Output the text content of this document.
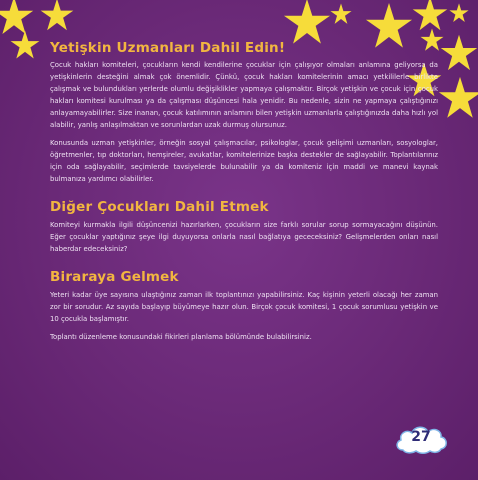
Yetişkin Uzmanları Dahil Edin!

Çocuk hakları komiteleri, çocukların kendi kendilerine çocuklar için çalışıyor olmaları anlamına geliyorsa da yetişkinlerin desteğini almak çok önemlidir. Çünkü, çocuk hakları komitelerinin amacı yetkililerle birlikte çalışmak ve bulundukları yerlerde olumlu değişiklikler yapmaya çalışmaktır. Birçok yetişkin ve çocuk için çocuk hakları komitesi kurulması ya da çalışması düşüncesi hala yenidir. Bu nedenle, sizin ne yapmaya çalıştığınızı anlayamayabilirler. Size inanan, çocuk katılımının anlamını bilen yetişkin uzmanlarla çalıştığınızda daha hızlı yol alabilir, yanlış anlaşılmaktan ve sorunlardan uzak durmuş olursunuz.

Konusunda uzman yetişkinler, örneğin sosyal çalışmacılar, psikologlar, çocuk gelişimi uzmanları, sosyologlar, öğretmenler, tıp doktorları, hemşireler, avukatlar, komitelerinize başka destekler de sağlayabilir. Toplantılarınız için oda sağlayabilir, seçimlerde tavsiyelerde bulunabilir ya da komiteniz için maddi ve manevi kaynak bulmanıza yardımcı olabilirler.

Diğer Çocukları Dahil Etmek

Komiteyi kurmakla ilgili düşüncenizi hazırlarken, çocukların size farklı sorular sorup sormayacağını düşünün. Eğer çocuklar yaptığınız şeye ilgi duyuyorsa onlarla nasıl bağlatıya gececeksiniz? Gelişmelerden onları nasıl haberdar edeceksiniz?

Biraraya Gelmek

Yeteri kadar üye sayısına ulaştığınız zaman ilk toplantınızı yapabilirsiniz. Kaç kişinin yeterli olacağı her zaman zor bir sorudur. Az sayıda başlayıp büyümeye hazır olun. Birçok çocuk komitesi, 1 çocuk sorumlusu yetişkin ve 10 çocukla başlamıştır.

Toplantı düzenleme konusundaki fikirleri planlama bölümünde bulabilirsiniz.

27
